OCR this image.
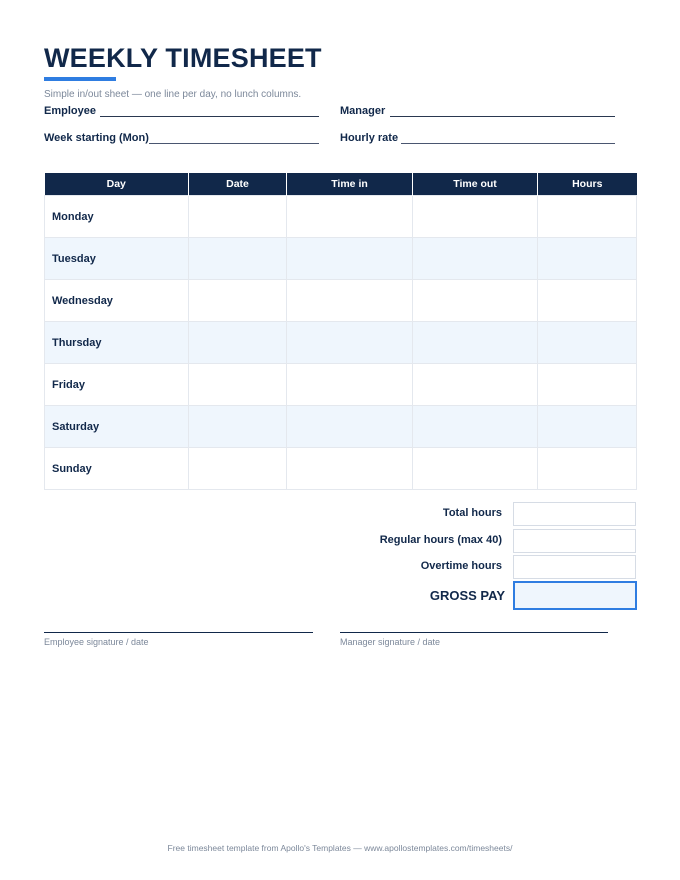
WEEKLY TIMESHEET
Simple in/out sheet — one line per day, no lunch columns.
Employee	Manager
Week starting (Mon)	Hourly rate
Day	Date	Time in	Time out	Hours
Monday				
Tuesday				
Wednesday				
Thursday				
Friday				
Saturday				
Sunday				
Total hours
Regular hours (max 40)
Overtime hours
GROSS PAY
Employee signature / date	Manager signature / date
Free timesheet template from Apollo's Templates — www.apollostemplates.com/timesheets/
